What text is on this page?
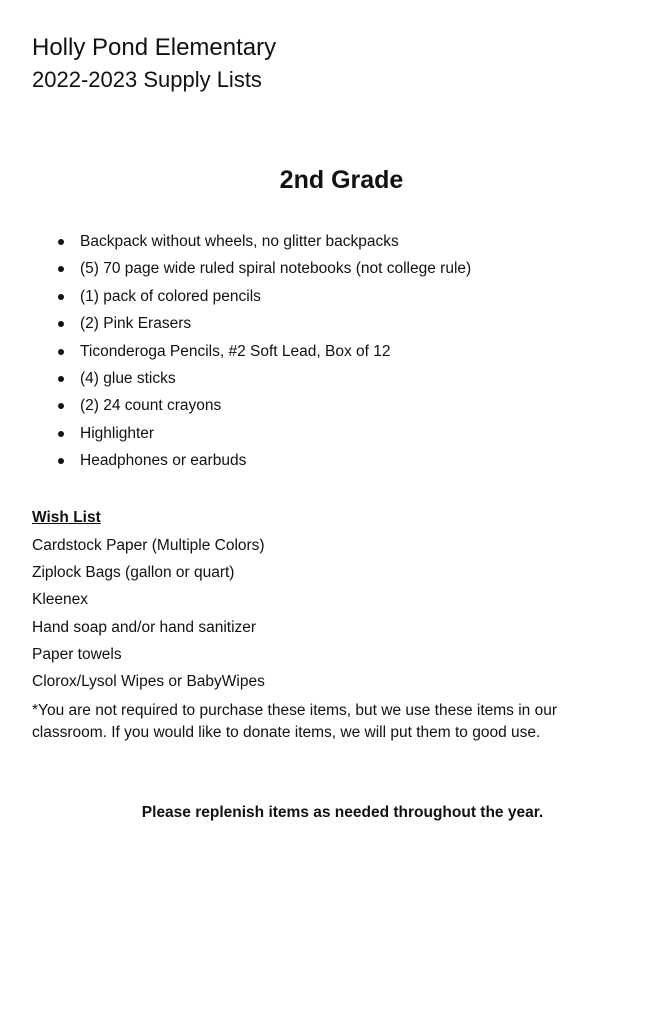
Holly Pond Elementary
2022-2023 Supply Lists
2nd Grade
Backpack without wheels, no glitter backpacks
(5) 70 page wide ruled spiral notebooks (not college rule)
(1) pack of colored pencils
(2) Pink Erasers
Ticonderoga Pencils, #2 Soft Lead, Box of 12
(4) glue sticks
(2) 24 count crayons
Highlighter
Headphones or earbuds
Wish List
Cardstock Paper (Multiple Colors)
Ziplock Bags (gallon or quart)
Kleenex
Hand soap and/or hand sanitizer
Paper towels
Clorox/Lysol Wipes or BabyWipes
*You are not required to purchase these items, but we use these items in our
classroom. If you would like to donate items, we will put them to good use.
Please replenish items as needed throughout the year.
